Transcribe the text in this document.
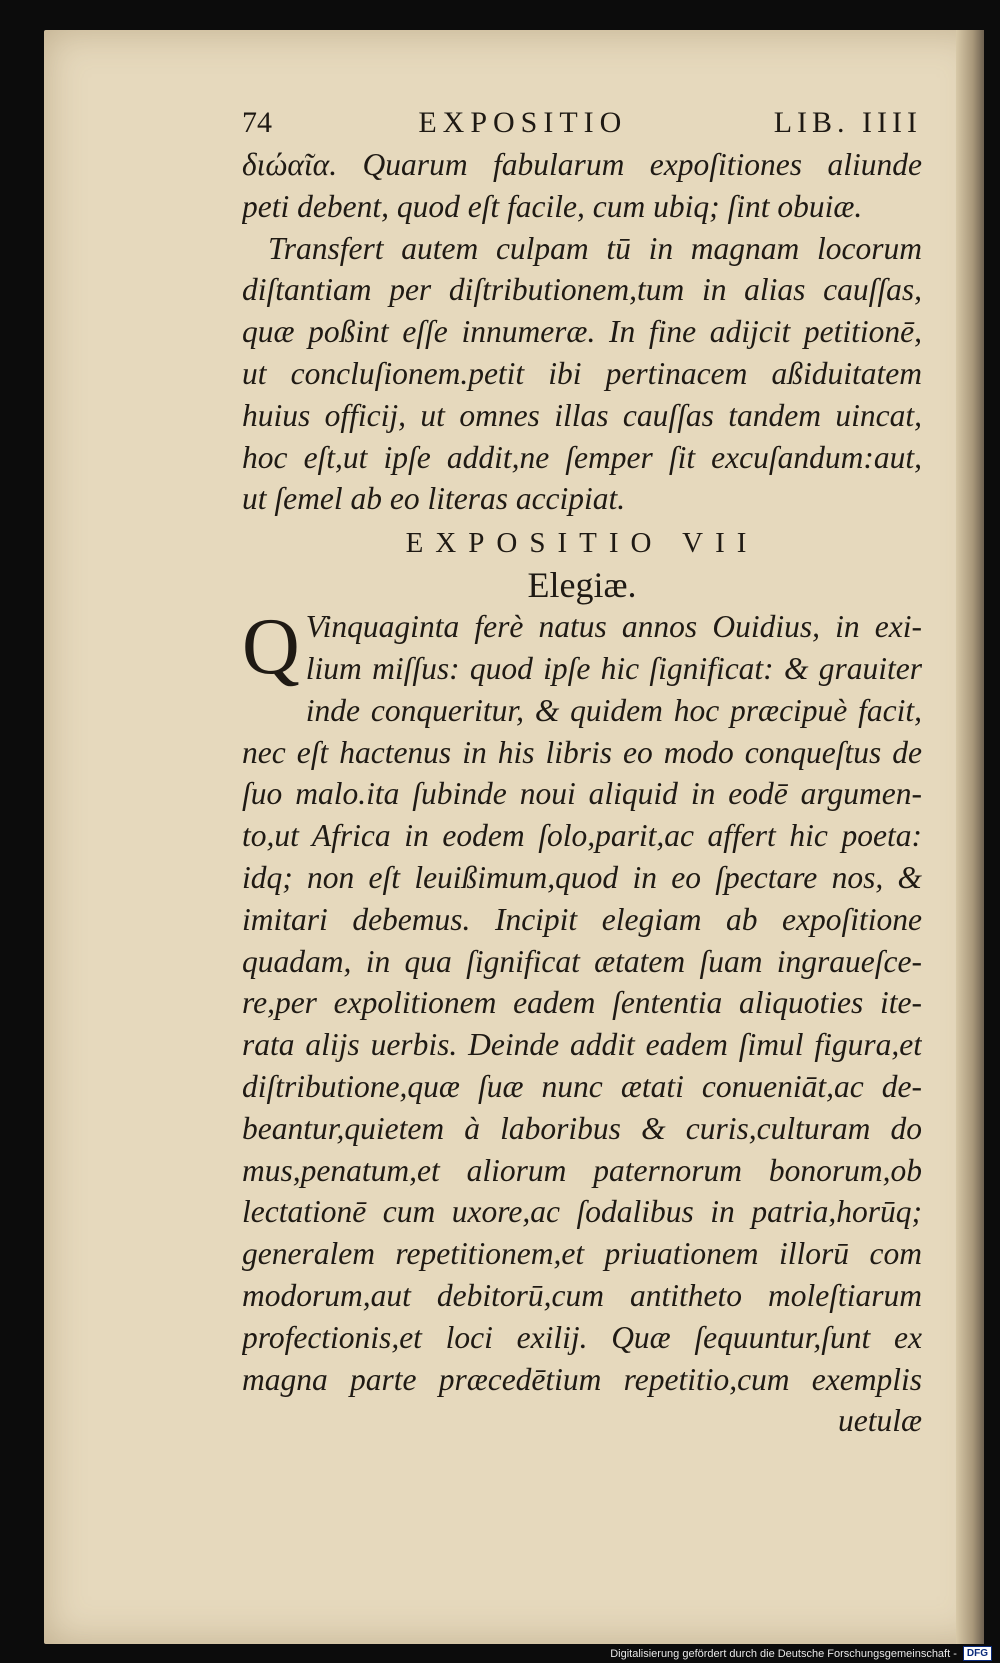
74	EXPOSITIO	LIB. IIII
διώαῖα. Quarum fabularum expoſitiones aliunde
peti debent, quod eſt facile, cum ubiq; ſint obuiæ.
Transfert autem culpam tū in magnam locorum
diſtantiam per diſtributionem,tum in alias cauſſas,
quæ poßint eſſe innumeræ. In fine adijcit petitionē,
ut concluſionem.petit ibi pertinacem aßiduitatem
huius officij, ut omnes illas cauſſas tandem uincat,
hoc eſt,ut ipſe addit,ne ſemper ſit excuſandum:aut,
ut ſemel ab eo literas accipiat.
EXPOSITIO VII
Elegiæ.
Q Vinquaginta ferè natus annos Ouidius, in exi-
lium miſſus: quod ipſe hic ſignificat: & grauiter
inde conqueritur, & quidem hoc præcipuè facit,
nec eſt hactenus in his libris eo modo conqueſtus de
ſuo malo.ita ſubinde noui aliquid in eodē argumen-
to,ut Africa in eodem ſolo,parit,ac affert hic poeta:
idq; non eſt leuißimum,quod in eo ſpectare nos, &
imitari debemus. Incipit elegiam ab expoſitione
quadam, in qua ſignificat ætatem ſuam ingraueſce-
re,per expolitionem eadem ſententia aliquoties ite-
rata alijs uerbis. Deinde addit eadem ſimul figura,et
diſtributione,quæ ſuæ nunc ætati conueniāt,ac de-
beantur,quietem à laboribus & curis,culturam do
mus,penatum,et aliorum paternorum bonorum,ob
lectationē cum uxore,ac ſodalibus in patria,horūq;
generalem repetitionem,et priuationem illorū com
modorum,aut debitorū,cum antitheto moleſtiarum
profectionis,et loci exilij. Quæ ſequuntur,ſunt ex
magna parte præcedētium repetitio,cum exemplis
uetulæ
Digitalisierung gefördert durch die Deutsche Forschungsgemeinschaft -	DFG
